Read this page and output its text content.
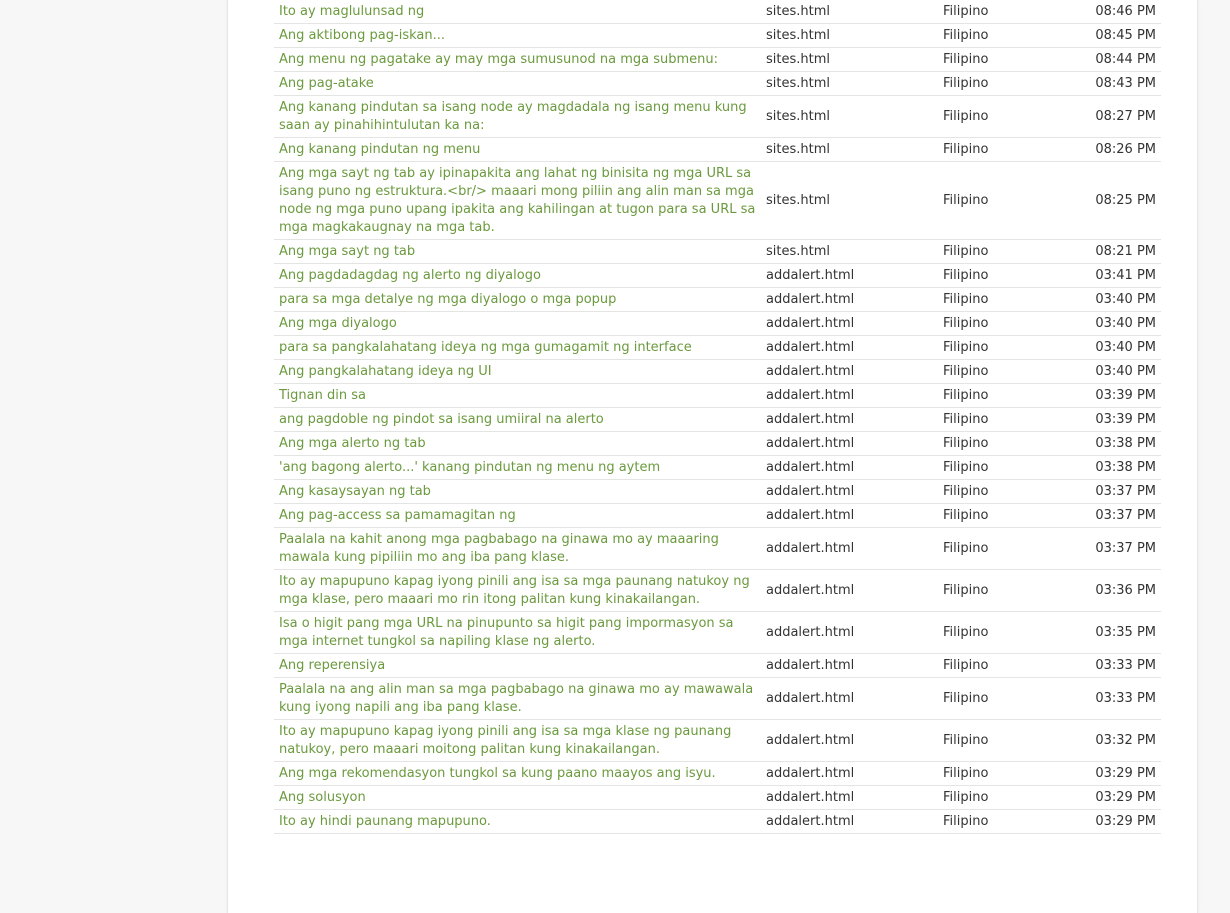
Ito ay maglulunsad ng	sites.html	Filipino	08:46 PM
Ang aktibong pag-iskan...	sites.html	Filipino	08:45 PM
Ang menu ng pagatake ay may mga sumusunod na mga submenu:	sites.html	Filipino	08:44 PM
Ang pag-atake	sites.html	Filipino	08:43 PM
Ang kanang pindutan sa isang node ay magdadala ng isang menu kung saan ay pinahihintulutan ka na:	sites.html	Filipino	08:27 PM
Ang kanang pindutan ng menu	sites.html	Filipino	08:26 PM
Ang mga sayt ng tab ay ipinapakita ang lahat ng binisita ng mga URL sa isang puno ng estruktura.<br/> maaari mong piliin ang alin man sa mga node ng mga puno upang ipakita ang kahilingan at tugon para sa URL sa mga magkakaugnay na mga tab.	sites.html	Filipino	08:25 PM
Ang mga sayt ng tab	sites.html	Filipino	08:21 PM
Ang pagdadagdag ng alerto ng diyalogo	addalert.html	Filipino	03:41 PM
para sa mga detalye ng mga diyalogo o mga popup	addalert.html	Filipino	03:40 PM
Ang mga diyalogo	addalert.html	Filipino	03:40 PM
para sa pangkalahatang ideya ng mga gumagamit ng interface	addalert.html	Filipino	03:40 PM
Ang pangkalahatang ideya ng UI	addalert.html	Filipino	03:40 PM
Tignan din sa	addalert.html	Filipino	03:39 PM
ang pagdoble ng pindot sa isang umiiral na alerto	addalert.html	Filipino	03:39 PM
Ang mga alerto ng tab	addalert.html	Filipino	03:38 PM
'ang bagong alerto...' kanang pindutan ng menu ng aytem	addalert.html	Filipino	03:38 PM
Ang kasaysayan ng tab	addalert.html	Filipino	03:37 PM
Ang pag-access sa pamamagitan ng	addalert.html	Filipino	03:37 PM
Paalala na kahit anong mga pagbabago na ginawa mo ay maaaring mawala kung pipiliin mo ang iba pang klase.	addalert.html	Filipino	03:37 PM
Ito ay mapupuno kapag iyong pinili ang isa sa mga paunang natukoy ng mga klase, pero maaari mo rin itong palitan kung kinakailangan.	addalert.html	Filipino	03:36 PM
Isa o higit pang mga URL na pinupunto sa higit pang impormasyon sa mga internet tungkol sa napiling klase ng alerto.	addalert.html	Filipino	03:35 PM
Ang reperensiya	addalert.html	Filipino	03:33 PM
Paalala na ang alin man sa mga pagbabago na ginawa mo ay mawawala kung iyong napili ang iba pang klase.	addalert.html	Filipino	03:33 PM
Ito ay mapupuno kapag iyong pinili ang isa sa mga klase ng paunang natukoy, pero maaari moitong palitan kung kinakailangan.	addalert.html	Filipino	03:32 PM
Ang mga rekomendasyon tungkol sa kung paano maayos ang isyu.	addalert.html	Filipino	03:29 PM
Ang solusyon	addalert.html	Filipino	03:29 PM
Ito ay hindi paunang mapupuno.	addalert.html	Filipino	03:29 PM
